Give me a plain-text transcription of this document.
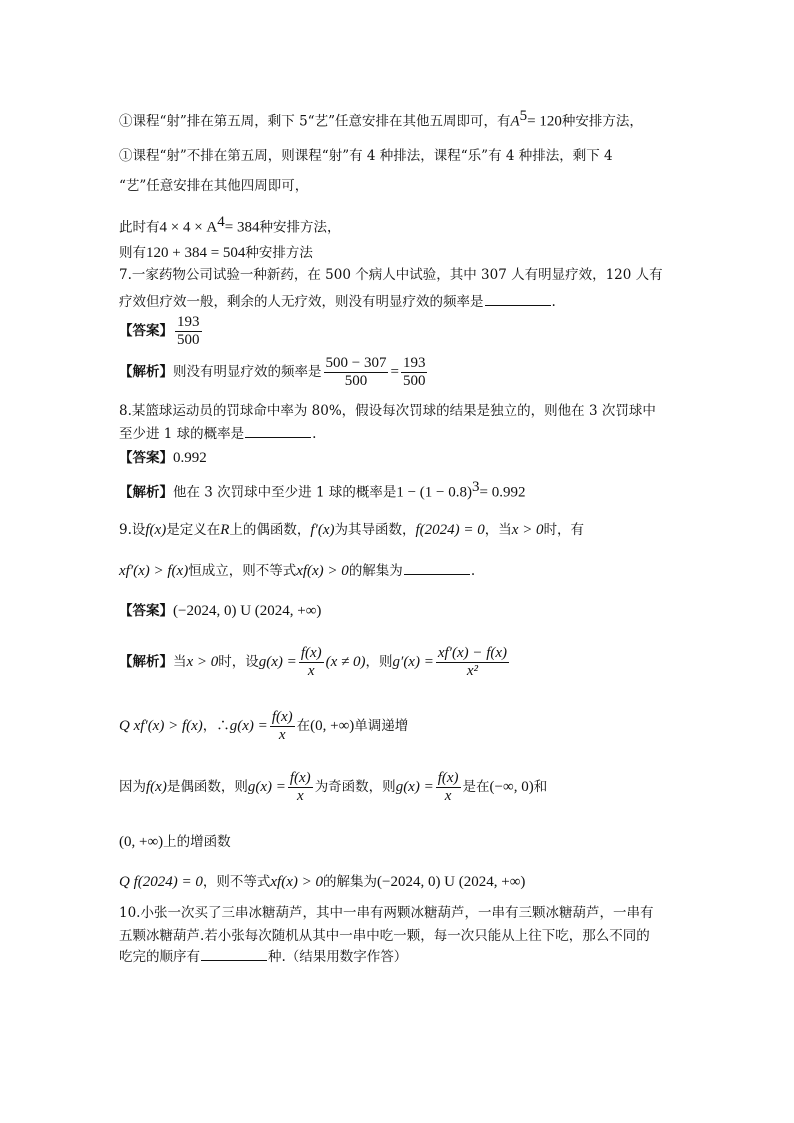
①课程“射”排在第五周，剩下 5“艺”任意安排在其他五周即可，有$A^5= 120$种安排方法，
①课程“射”不排在第五周，则课程“射”有 4 种排法，课程“乐”有 4 种排法，剩下 4
“艺”任意安排在其他四周即可，
此时有$4 \times 4 \times A^4= 384$种安排方法，
则有120 + 384 = 504种安排方法
7.一家药物公司试验一种新药，在 500 个病人中试验，其中 307 人有明显疗效，120 人有
疗效但疗效一般，剩余的人无疗效，则没有明显疗效的频率是	.
【答案】 $\frac{193}{500}$
【解析】则没有明显疗效的频率是 $\frac{500 - 307}{500} = \frac{193}{500}$
8.某篮球运动员的罚球命中率为 80%，假设每次罚球的结果是独立的，则他在 3 次罚球中
至少进 1 球的概率是	.
【答案】0.992
【解析】他在 3 次罚球中至少进 1 球的概率是$1 - (1 - 0.8)^3= 0.992$
9.设f(x)是定义在R上的偶函数，f′(x)为其导函数，f(2024) = 0，当x > 0时，有
xf′(x) > f(x)恒成立，则不等式xf(x) > 0的解集为	.
【答案】(−2024, 0) U (2024, +∞)
【解析】当x > 0时，设$g(x) = \frac{f(x)}{x} (x \ne 0)$，则$g'(x) = \frac{xf'(x) - f(x)}{\text{x²}}$
Q xf′(x) > f(x)，∴g(x) = $\frac{f(x)}{x}$ 在(0, +∞)单调递增
因为f(x)是偶函数，则$g(x) = \frac{f(x)}{x}$ 为奇函数，则$g(x) = \frac{f(x)}{x}$ 是在(−∞, 0)和
(0, +∞)上的增函数
Q f(2024) = 0，则不等式xf(x) > 0的解集为(−2024, 0) U (2024, +∞)
10.小张一次买了三串冰糖葫芦，其中一串有两颗冰糖葫芦，一串有三颗冰糖葫芦，一串有
五颗冰糖葫芦.若小张每次随机从其中一串中吃一颗，每一次只能从上往下吃，那么不同的
吃完的顺序有	种.（结果用数字作答）
